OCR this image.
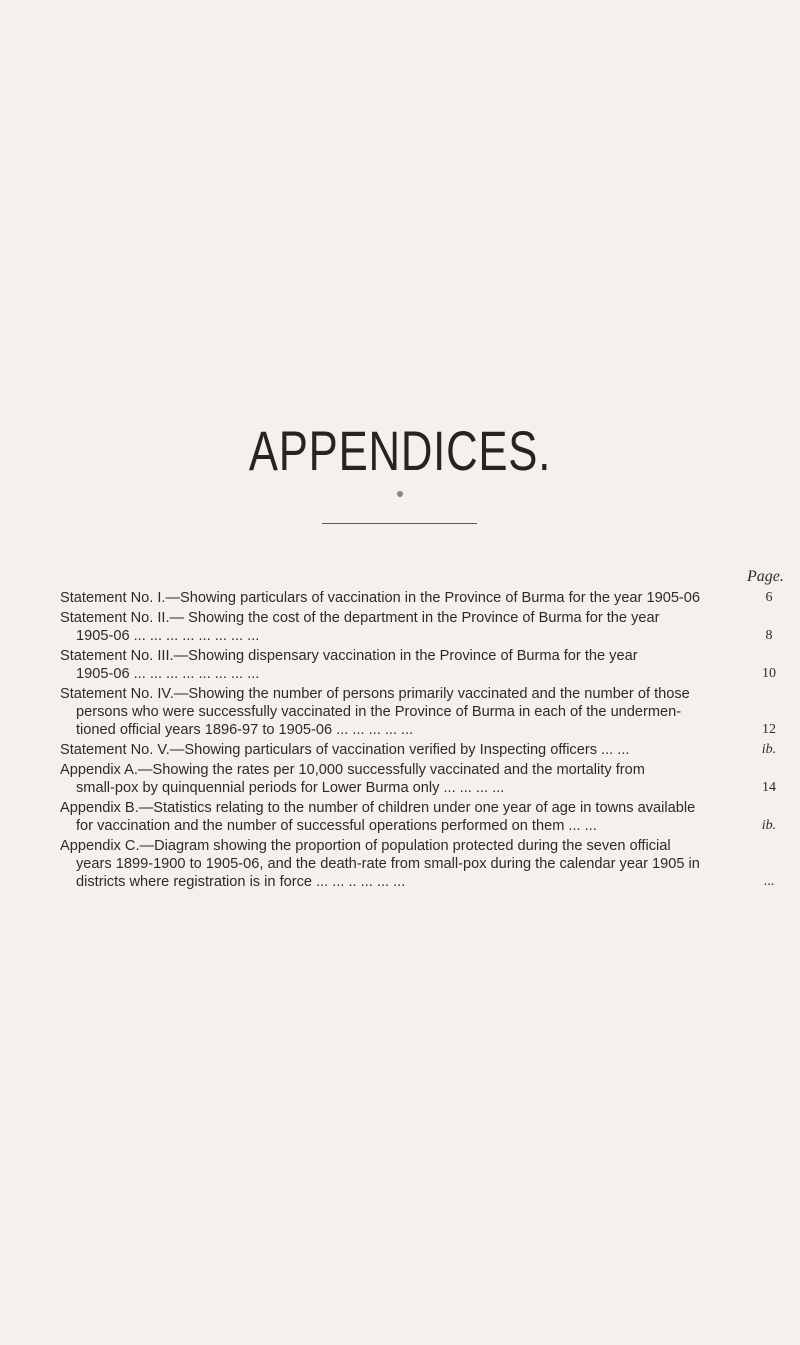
APPENDICES.
Page.
Statement No. I.—Showing particulars of vaccination in the Province of Burma for the year 1905-06	6
Statement No. II.— Showing the cost of the department in the Province of Burma for the year
1905-06 ... ... ... ... ... ... ... ...	8
Statement No. III.—Showing dispensary vaccination in the Province of Burma for the year
1905-06 ... ... ... ... ... ... ... ...	10
Statement No. IV.—Showing the number of persons primarily vaccinated and the number of those
persons who were successfully vaccinated in the Province of Burma in each of the undermen-
tioned official years 1896-97 to 1905-06 ... ... ... ... ...	12
Statement No. V.—Showing particulars of vaccination verified by Inspecting officers ... ...	ib.
Appendix A.—Showing the rates per 10,000 successfully vaccinated and the mortality from
small-pox by quinquennial periods for Lower Burma only ... ... ... ...	14
Appendix B.—Statistics relating to the number of children under one year of age in towns available
for vaccination and the number of successful operations performed on them ... ...	ib.
Appendix C.—Diagram showing the proportion of population protected during the seven official
years 1899-1900 to 1905-06, and the death-rate from small-pox during the calendar year 1905 in
districts where registration is in force ... ... .. ... ... ...	...
